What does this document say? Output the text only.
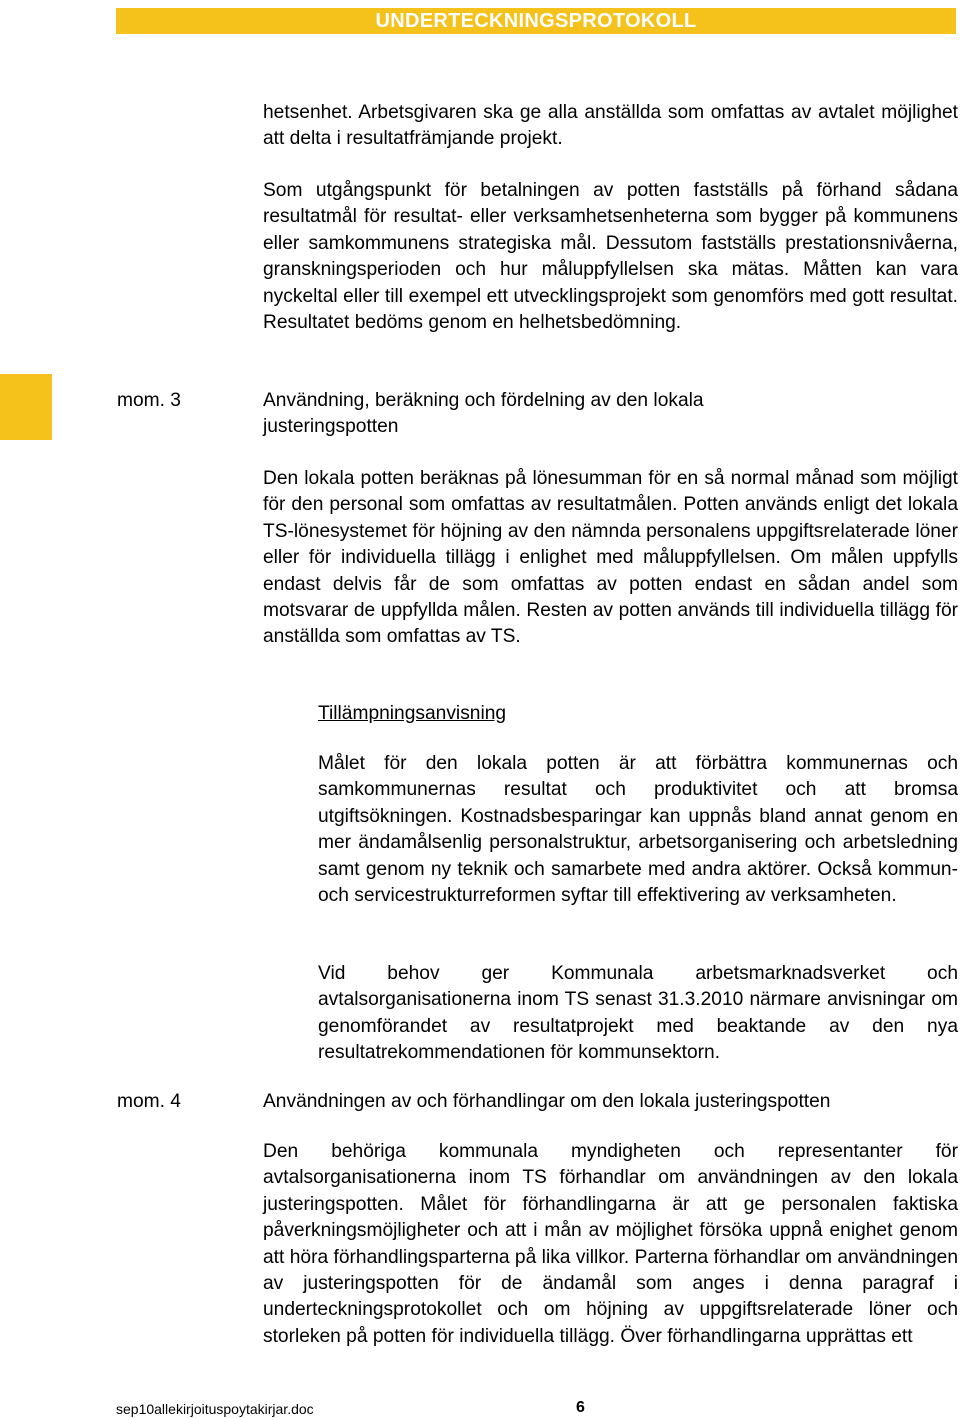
UNDERTECKNINGSPROTOKOLL

hetsenhet. Arbetsgivaren ska ge alla anställda som omfattas av avtalet möjlighet att delta i resultatfrämjande projekt.

Som utgångspunkt för betalningen av potten fastställs på förhand sådana resultatmål för resultat- eller verksamhetsenheterna som bygger på kommunens eller samkommunens strategiska mål. Dessutom fastställs prestationsnivåerna, granskningsperioden och hur måluppfyllelsen ska mätas. Måtten kan vara nyckeltal eller till exempel ett utvecklingsprojekt som genomförs med gott resultat. Resultatet bedöms genom en helhetsbedömning.

mom. 3	Användning, beräkning och fördelning av den lokala justeringspotten

Den lokala potten beräknas på lönesumman för en så normal månad som möjligt för den personal som omfattas av resultatmålen. Potten används enligt det lokala TS-lönesystemet för höjning av den nämnda personalens uppgiftsrelaterade löner eller för individuella tillägg i enlighet med måluppfyllelsen. Om målen uppfylls endast delvis får de som omfattas av potten endast en sådan andel som motsvarar de uppfyllda målen. Resten av potten används till individuella tillägg för anställda som omfattas av TS.

Tillämpningsanvisning

Målet för den lokala potten är att förbättra kommunernas och samkommunernas resultat och produktivitet och att bromsa utgiftsökningen. Kostnadsbesparingar kan uppnås bland annat genom en mer ändamålsenlig personalstruktur, arbetsorganisering och arbetsledning samt genom ny teknik och samarbete med andra aktörer. Också kommun- och servicestrukturreformen syftar till effektivering av verksamheten.

Vid behov ger Kommunala arbetsmarknadsverket och avtalsorganisationerna inom TS senast 31.3.2010 närmare anvisningar om genomförandet av resultatprojekt med beaktande av den nya resultatrekommendationen för kommunsektorn.

mom. 4	Användningen av och förhandlingar om den lokala justeringspotten

Den behöriga kommunala myndigheten och representanter för avtalsorganisationerna inom TS förhandlar om användningen av den lokala justeringspotten. Målet för förhandlingarna är att ge personalen faktiska påverkningsmöjligheter och att i mån av möjlighet försöka uppnå enighet genom att höra förhandlingsparterna på lika villkor. Parterna förhandlar om användningen av justeringspotten för de ändamål som anges i denna paragraf i underteckningsprotokollet och om höjning av uppgiftsrelaterade löner och storleken på potten för individuella tillägg. Över förhandlingarna upprättas ett

sep10allekirjoituspoytakirjar.doc	6
